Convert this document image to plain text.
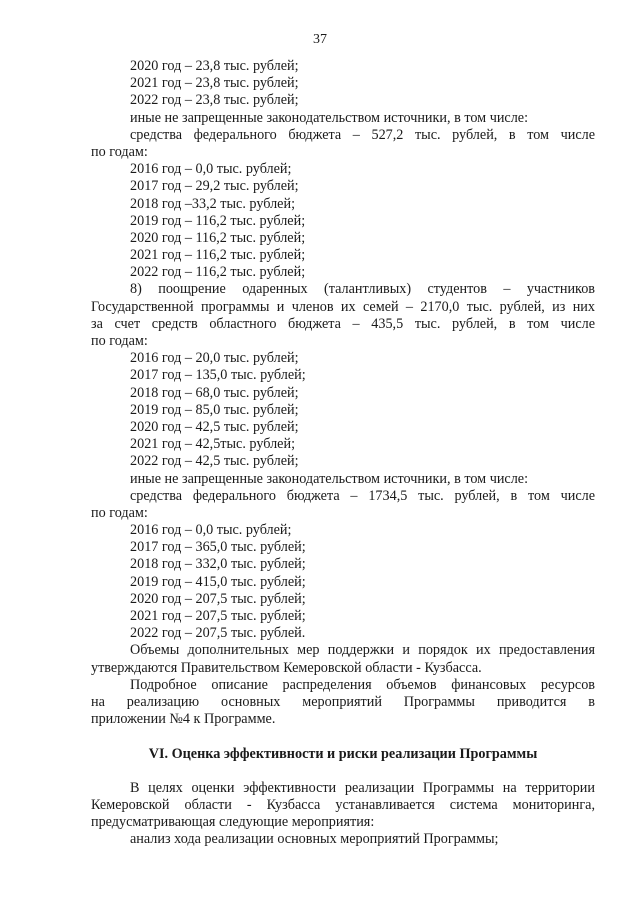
37
2020 год – 23,8 тыс. рублей;
2021 год – 23,8 тыс. рублей;
2022 год – 23,8 тыс. рублей;
иные не запрещенные законодательством источники, в том числе:
средства федерального бюджета – 527,2 тыс. рублей, в том числе
по годам:
2016 год – 0,0 тыс. рублей;
2017 год – 29,2 тыс. рублей;
2018 год –33,2 тыс. рублей;
2019 год – 116,2 тыс. рублей;
2020 год – 116,2 тыс. рублей;
2021 год – 116,2 тыс. рублей;
2022 год – 116,2 тыс. рублей;
8) поощрение одаренных (талантливых) студентов – участников
Государственной программы и членов их семей – 2170,0 тыс. рублей, из них
за счет средств областного бюджета – 435,5 тыс. рублей, в том числе
по годам:
2016 год – 20,0 тыс. рублей;
2017 год – 135,0 тыс. рублей;
2018 год – 68,0 тыс. рублей;
2019 год – 85,0 тыс. рублей;
2020 год – 42,5 тыс. рублей;
2021 год – 42,5тыс. рублей;
2022 год – 42,5 тыс. рублей;
иные не запрещенные законодательством источники, в том числе:
средства федерального бюджета – 1734,5 тыс. рублей, в том числе
по годам:
2016 год – 0,0 тыс. рублей;
2017 год – 365,0 тыс. рублей;
2018 год – 332,0 тыс. рублей;
2019 год – 415,0 тыс. рублей;
2020 год – 207,5 тыс. рублей;
2021 год – 207,5 тыс. рублей;
2022 год – 207,5 тыс. рублей.
Объемы дополнительных мер поддержки и порядок их предоставления
утверждаются Правительством Кемеровской области - Кузбасса.
Подробное описание распределения объемов финансовых ресурсов
на реализацию основных мероприятий Программы приводится в
приложении №4 к Программе.
VI. Оценка эффективности и риски реализации Программы
В целях оценки эффективности реализации Программы на территории
Кемеровской области - Кузбасса устанавливается система мониторинга,
предусматривающая следующие мероприятия:
анализ хода реализации основных мероприятий Программы;
